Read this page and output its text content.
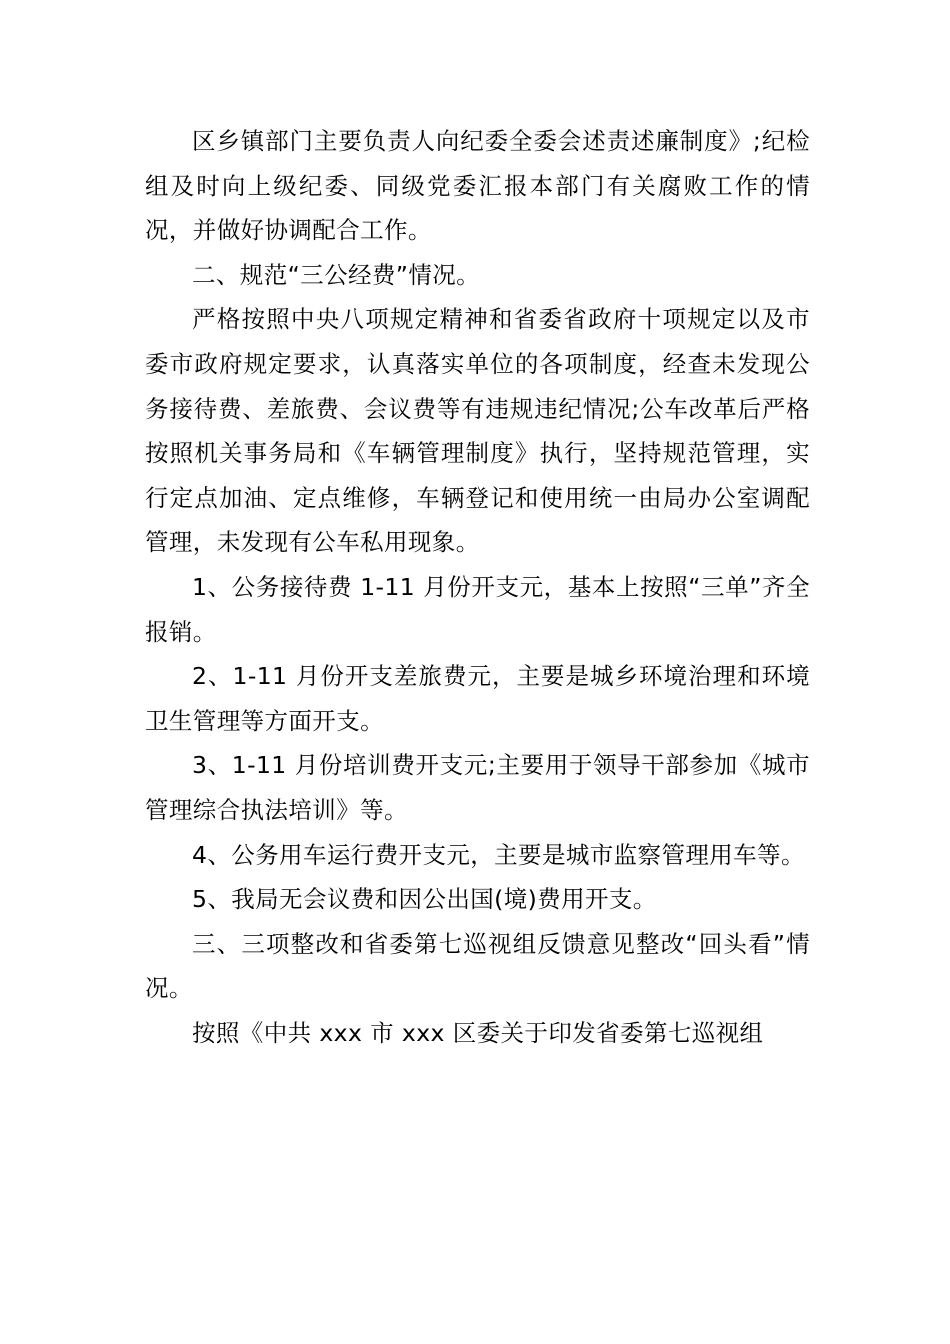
区乡镇部门主要负责人向纪委全委会述责述廉制度》;纪检组及时向上级纪委、同级党委汇报本部门有关腐败工作的情况，并做好协调配合工作。

二、规范“三公经费”情况。

严格按照中央八项规定精神和省委省政府十项规定以及市委市政府规定要求，认真落实单位的各项制度，经查未发现公务接待费、差旅费、会议费等有违规违纪情况;公车改革后严格按照机关事务局和《车辆管理制度》执行，坚持规范管理，实行定点加油、定点维修，车辆登记和使用统一由局办公室调配管理，未发现有公车私用现象。

1、公务接待费 1-11 月份开支元，基本上按照“三单”齐全报销。

2、1-11 月份开支差旅费元，主要是城乡环境治理和环境卫生管理等方面开支。

3、1-11 月份培训费开支元;主要用于领导干部参加《城市管理综合执法培训》等。

4、公务用车运行费开支元，主要是城市监察管理用车等。

5、我局无会议费和因公出国(境)费用开支。

三、三项整改和省委第七巡视组反馈意见整改“回头看”情况。

按照《中共 xxx 市 xxx 区委关于印发省委第七巡视组
